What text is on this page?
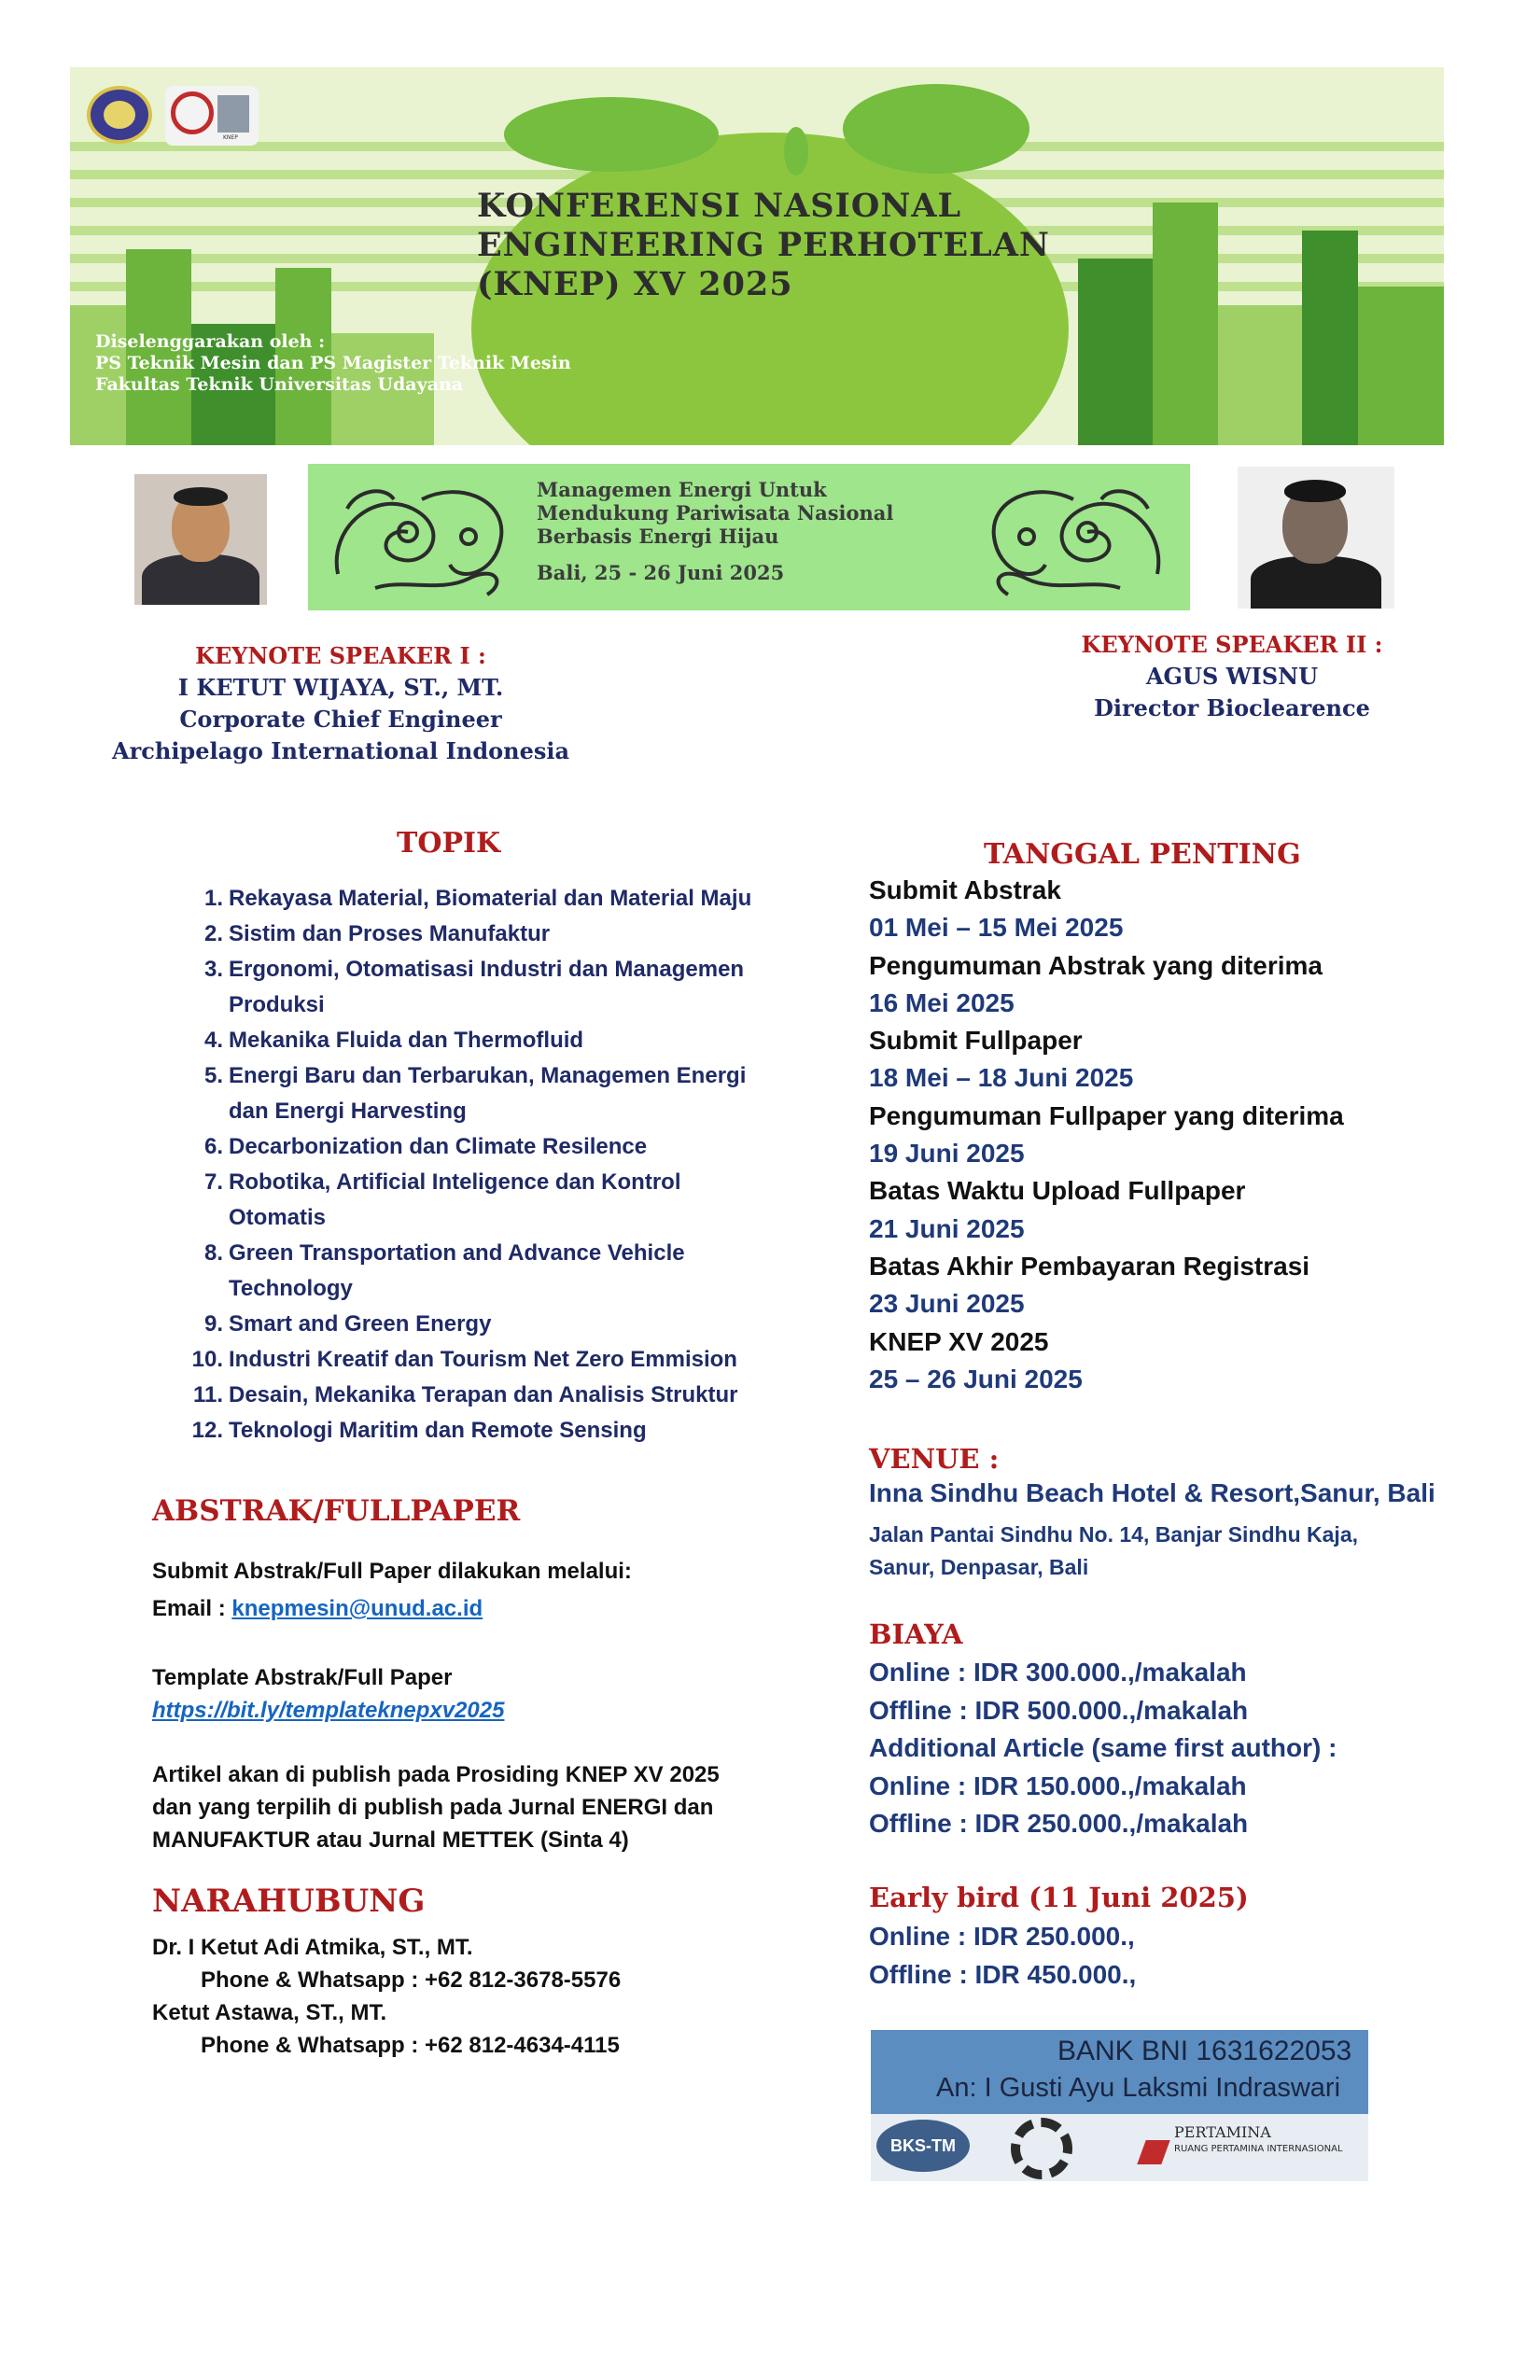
KNEP
KONFERENSI NASIONAL
ENGINEERING PERHOTELAN
(KNEP) XV 2025
Diselenggarakan oleh :
PS Teknik Mesin dan PS Magister Teknik Mesin
Fakultas Teknik Universitas Udayana
Managemen Energi Untuk
Mendukung Pariwisata Nasional
Berbasis Energi Hijau
Bali, 25 - 26 Juni 2025
KEYNOTE SPEAKER I :
I KETUT WIJAYA, ST., MT.
Corporate Chief Engineer
Archipelago International Indonesia
KEYNOTE SPEAKER II :
AGUS WISNU
Director Bioclearence
TOPIK
1. Rekayasa Material, Biomaterial dan Material Maju
2. Sistim dan Proses Manufaktur
3. Ergonomi, Otomatisasi Industri dan Managemen Produksi
4. Mekanika Fluida dan Thermofluid
5. Energi Baru dan Terbarukan, Managemen Energi dan Energi Harvesting
6. Decarbonization dan Climate Resilence
7. Robotika, Artificial Inteligence dan Kontrol Otomatis
8. Green Transportation and Advance Vehicle Technology
9. Smart and Green Energy
10. Industri Kreatif dan Tourism Net Zero Emmision
11. Desain, Mekanika Terapan dan Analisis Struktur
12. Teknologi Maritim dan Remote Sensing
TANGGAL PENTING
Submit Abstrak
01 Mei – 15 Mei 2025
Pengumuman Abstrak yang diterima
16 Mei 2025
Submit Fullpaper
18 Mei – 18 Juni 2025
Pengumuman Fullpaper yang diterima
19 Juni 2025
Batas Waktu Upload Fullpaper
21 Juni 2025
Batas Akhir Pembayaran Registrasi
23 Juni 2025
KNEP XV 2025
25 – 26 Juni 2025
VENUE :
Inna Sindhu Beach Hotel & Resort,Sanur, Bali
Jalan Pantai Sindhu No. 14, Banjar Sindhu Kaja,
Sanur, Denpasar, Bali
BIAYA
Online : IDR 300.000.,/makalah
Offline : IDR 500.000.,/makalah
Additional Article (same first author) :
Online : IDR 150.000.,/makalah
Offline : IDR 250.000.,/makalah
Early bird (11 Juni 2025)
Online : IDR 250.000.,
Offline : IDR 450.000.,
BANK BNI 1631622053
An: I Gusti Ayu Laksmi Indraswari
BKS-TM
PERTAMINA
RUANG PERTAMINA INTERNASIONAL
ABSTRAK/FULLPAPER
Submit Abstrak/Full Paper dilakukan melalui:
Email : knepmesin@unud.ac.id
Template Abstrak/Full Paper
https://bit.ly/templateknepxv2025
Artikel akan di publish pada Prosiding KNEP XV 2025
dan yang terpilih di publish pada Jurnal ENERGI dan
MANUFAKTUR atau Jurnal METTEK (Sinta 4)
NARAHUBUNG
Dr. I Ketut Adi Atmika, ST., MT.
Phone & Whatsapp : +62 812-3678-5576
Ketut Astawa, ST., MT.
Phone & Whatsapp : +62 812-4634-4115
